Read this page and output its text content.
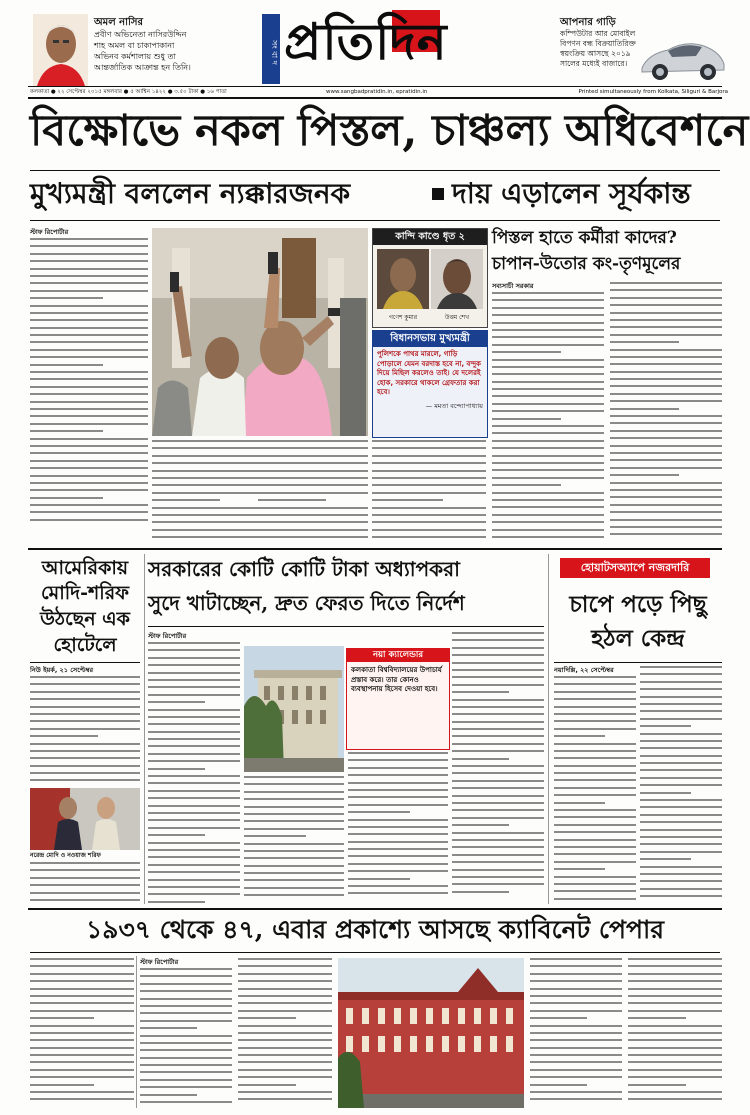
অমল নাসির
প্রবীণ অভিনেতা নাসিরউদ্দিন
শাহ অমল বা চাকাপাকানা
অভিনব কর্মশালায় শুধু তা
আন্তর্জাতিক আক্রান্ত হন তিনি।
সং বা দ প্রতিদিন	আপনার গাড়ি
কম্পিউটার আর মোবাইল
বিপণন বন্ধ বিক্রয়াতিরিক্ত
স্বয়ংক্রিয় আসছে ২০১৯
সালের মধ্যেই বাজারে।
কলকাতা ● ২২ সেপ্টেম্বর ২০১৫ মঙ্গলবার ● ৫ আশ্বিন ১৪২২ ● ৩.৫০ টাকা ● ১৬ পাতা	www.sangbadpratidin.in, epratidin.in	Printed simultaneously from Kolkata, Siliguri & Barjora
বিক্ষোভে নকল পিস্তল, চাঞ্চল্য অধিবেশনে
মুখ্যমন্ত্রী বললেন ন্যক্কারজনক	দায় এড়ালেন সূর্যকান্ত
স্টাফ রিপোর্টার	কান্দি কাণ্ডে ধৃত ২
গণেশ কুমার	উত্তম শেখ
বিধানসভায় মুখ্যমন্ত্রী
পুলিশকে পাথর মারলে, গাড়ি পোড়ালে যেমন বরদাস্ত হবে না, বন্দুক দিয়ে মিছিল করলেও তাই। যে দলেরই হোক, সরকারে থাকলে গ্রেফতার করা হবে।
— মমতা বন্দ্যোপাধ্যায়
পিস্তল হাতে কর্মীরা কাদের?
চাপান-উতোর কং-তৃণমূলের
সব্যসাচী সরকার
আমেরিকায়
মোদি-শরিফ উঠছেন এক হোটেলে
নিউ ইয়র্ক, ২১ সেপ্টেম্বর
নরেন্দ্র মোদি ও নওয়াজ শরিফ
সরকারের কোটি কোটি টাকা অধ্যাপকরা
সুদে খাটাচ্ছেন, দ্রুত ফেরত দিতে নির্দেশ
স্টাফ রিপোর্টার
নয়া ক্যালেন্ডার
কলকাতা বিশ্ববিদ্যালয়ের উপাচার্য প্রস্তাব করে। তার কোনও ব্যবস্থাপনায় হিসেব দেওয়া হবে।
হোয়াটসঅ্যাপে নজরদারি
চাপে পড়ে পিছু হঠল কেন্দ্র
নয়াদিল্লি, ২২ সেপ্টেম্বর
১৯৩৭ থেকে ৪৭, এবার প্রকাশ্যে আসছে ক্যাবিনেট পেপার
স্টাফ রিপোর্টার
